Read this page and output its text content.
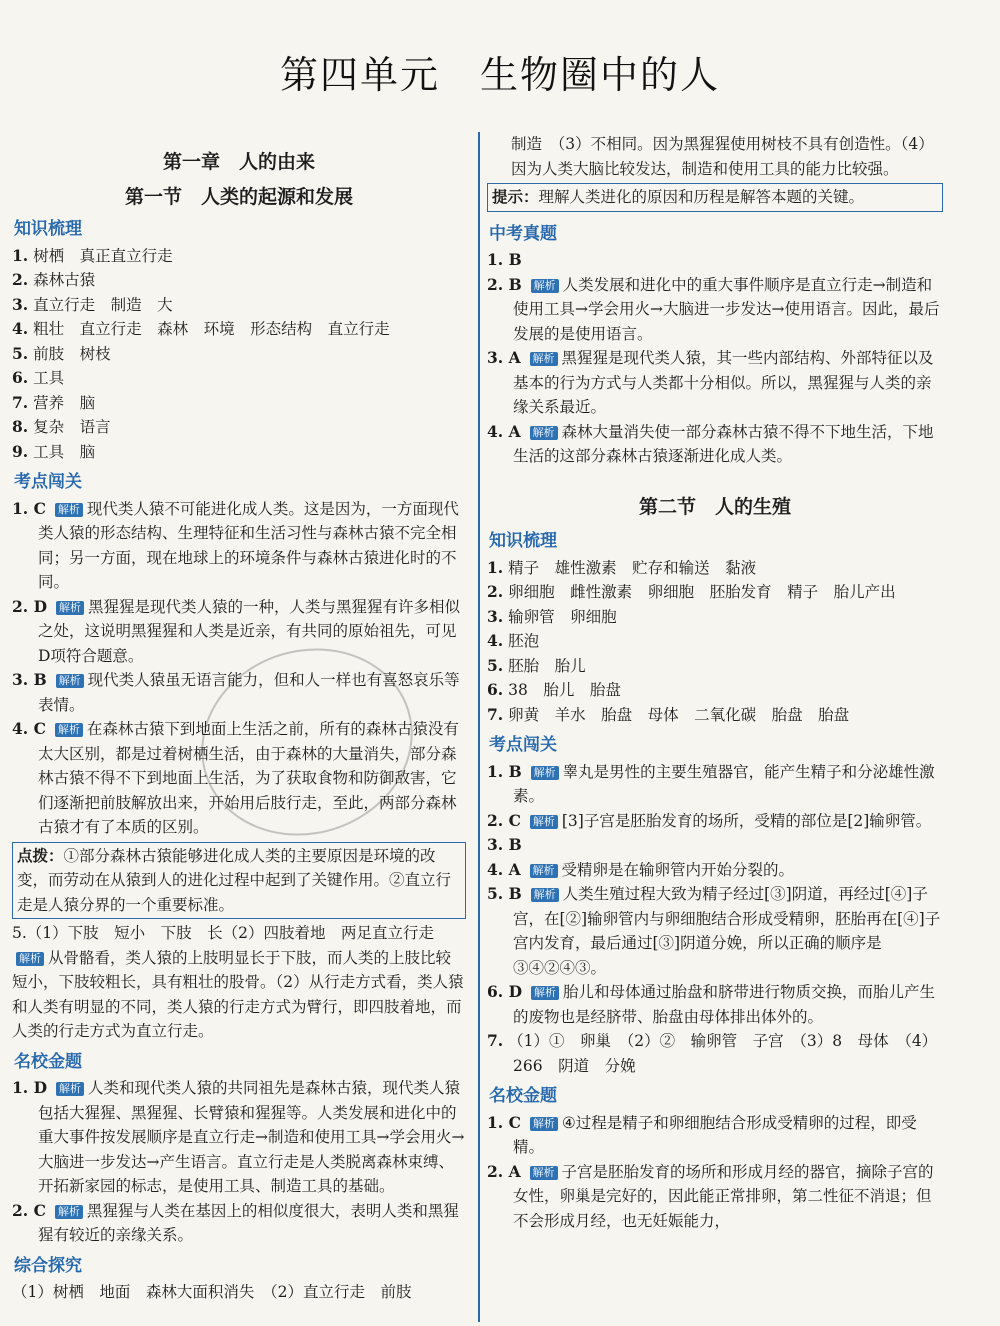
第四单元　生物圈中的人
第一章　人的由来
第一节　人类的起源和发展
知识梳理

1. 树栖　真正直立行走

2. 森林古猿

3. 直立行走　制造　大

4. 粗壮　直立行走　森林　环境　形态结构　直立行走

5. 前肢　树枝

6. 工具

7. 营养　脑

8. 复杂　语言

9. 工具　脑

考点闯关

1. C 解析 现代类人猿不可能进化成人类。这是因为，一方面现代类人猿的形态结构、生理特征和生活习性与森林古猿不完全相同；另一方面，现在地球上的环境条件与森林古猿进化时的不同。

2. D 解析 黑猩猩是现代类人猿的一种，人类与黑猩猩有许多相似之处，这说明黑猩猩和人类是近亲，有共同的原始祖先，可见D项符合题意。

3. B 解析 现代类人猿虽无语言能力，但和人一样也有喜怒哀乐等表情。

4. C 解析 在森林古猿下到地面上生活之前，所有的森林古猿没有太大区别，都是过着树栖生活，由于森林的大量消失，部分森林古猿不得不下到地面上生活，为了获取食物和防御敌害，它们逐渐把前肢解放出来，开始用后肢行走，至此，两部分森林古猿才有了本质的区别。

点拨：①部分森林古猿能够进化成人类的主要原因是环境的改变，而劳动在从猿到人的进化过程中起到了关键作用。②直立行走是人猿分界的一个重要标准。

5.（1）下肢　短小　下肢　长（2）四肢着地　两足直立行走

解析 从骨骼看，类人猿的上肢明显长于下肢，而人类的上肢比较短小，下肢较粗长，具有粗壮的股骨。（2）从行走方式看，类人猿和人类有明显的不同，类人猿的行走方式为臂行，即四肢着地，而人类的行走方式为直立行走。

名校金题

1. D 解析 人类和现代类人猿的共同祖先是森林古猿，现代类人猿包括大猩猩、黑猩猩、长臂猿和猩猩等。人类发展和进化中的重大事件按发展顺序是直立行走→制造和使用工具→学会用火→大脑进一步发达→产生语言。直立行走是人类脱离森林束缚、开拓新家园的标志，是使用工具、制造工具的基础。

2. C 解析 黑猩猩与人类在基因上的相似度很大，表明人类和黑猩猩有较近的亲缘关系。

综合探究

（1）树栖　地面　森林大面积消失　（2）直立行走　前肢

制造　（3）不相同。因为黑猩猩使用树枝不具有创造性。（4）因为人类大脑比较发达，制造和使用工具的能力比较强。

提示：理解人类进化的原因和历程是解答本题的关键。
中考真题

1. B

2. B 解析 人类发展和进化中的重大事件顺序是直立行走→制造和使用工具→学会用火→大脑进一步发达→使用语言。因此，最后发展的是使用语言。

3. A 解析 黑猩猩是现代类人猿，其一些内部结构、外部特征以及基本的行为方式与人类都十分相似。所以，黑猩猩与人类的亲缘关系最近。

4. A 解析 森林大量消失使一部分森林古猿不得不下地生活，下地生活的这部分森林古猿逐渐进化成人类。

第二节　人的生殖
知识梳理

1. 精子　雄性激素　贮存和输送　黏液

2. 卵细胞　雌性激素　卵细胞　胚胎发育　精子　胎儿产出

3. 输卵管　卵细胞

4. 胚泡

5. 胚胎　胎儿

6. 38　胎儿　胎盘

7. 卵黄　羊水　胎盘　母体　二氧化碳　胎盘　胎盘

考点闯关

1. B 解析 睾丸是男性的主要生殖器官，能产生精子和分泌雄性激素。

2. C 解析 [3]子宫是胚胎发育的场所，受精的部位是[2]输卵管。

3. B

4. A 解析 受精卵是在输卵管内开始分裂的。

5. B 解析 人类生殖过程大致为精子经过[③]阴道，再经过[④]子宫，在[②]输卵管内与卵细胞结合形成受精卵，胚胎再在[④]子宫内发育，最后通过[③]阴道分娩，所以正确的顺序是③④②④③。

6. D 解析 胎儿和母体通过胎盘和脐带进行物质交换，而胎儿产生的废物也是经脐带、胎盘由母体排出体外的。

7. （1）①　卵巢　（2）②　输卵管　子宫　（3）8　母体　（4）266　阴道　分娩

名校金题

1. C 解析 ④过程是精子和卵细胞结合形成受精卵的过程，即受精。

2. A 解析 子宫是胚胎发育的场所和形成月经的器官，摘除子宫的女性，卵巢是完好的，因此能正常排卵，第二性征不消退；但不会形成月经，也无妊娠能力，
